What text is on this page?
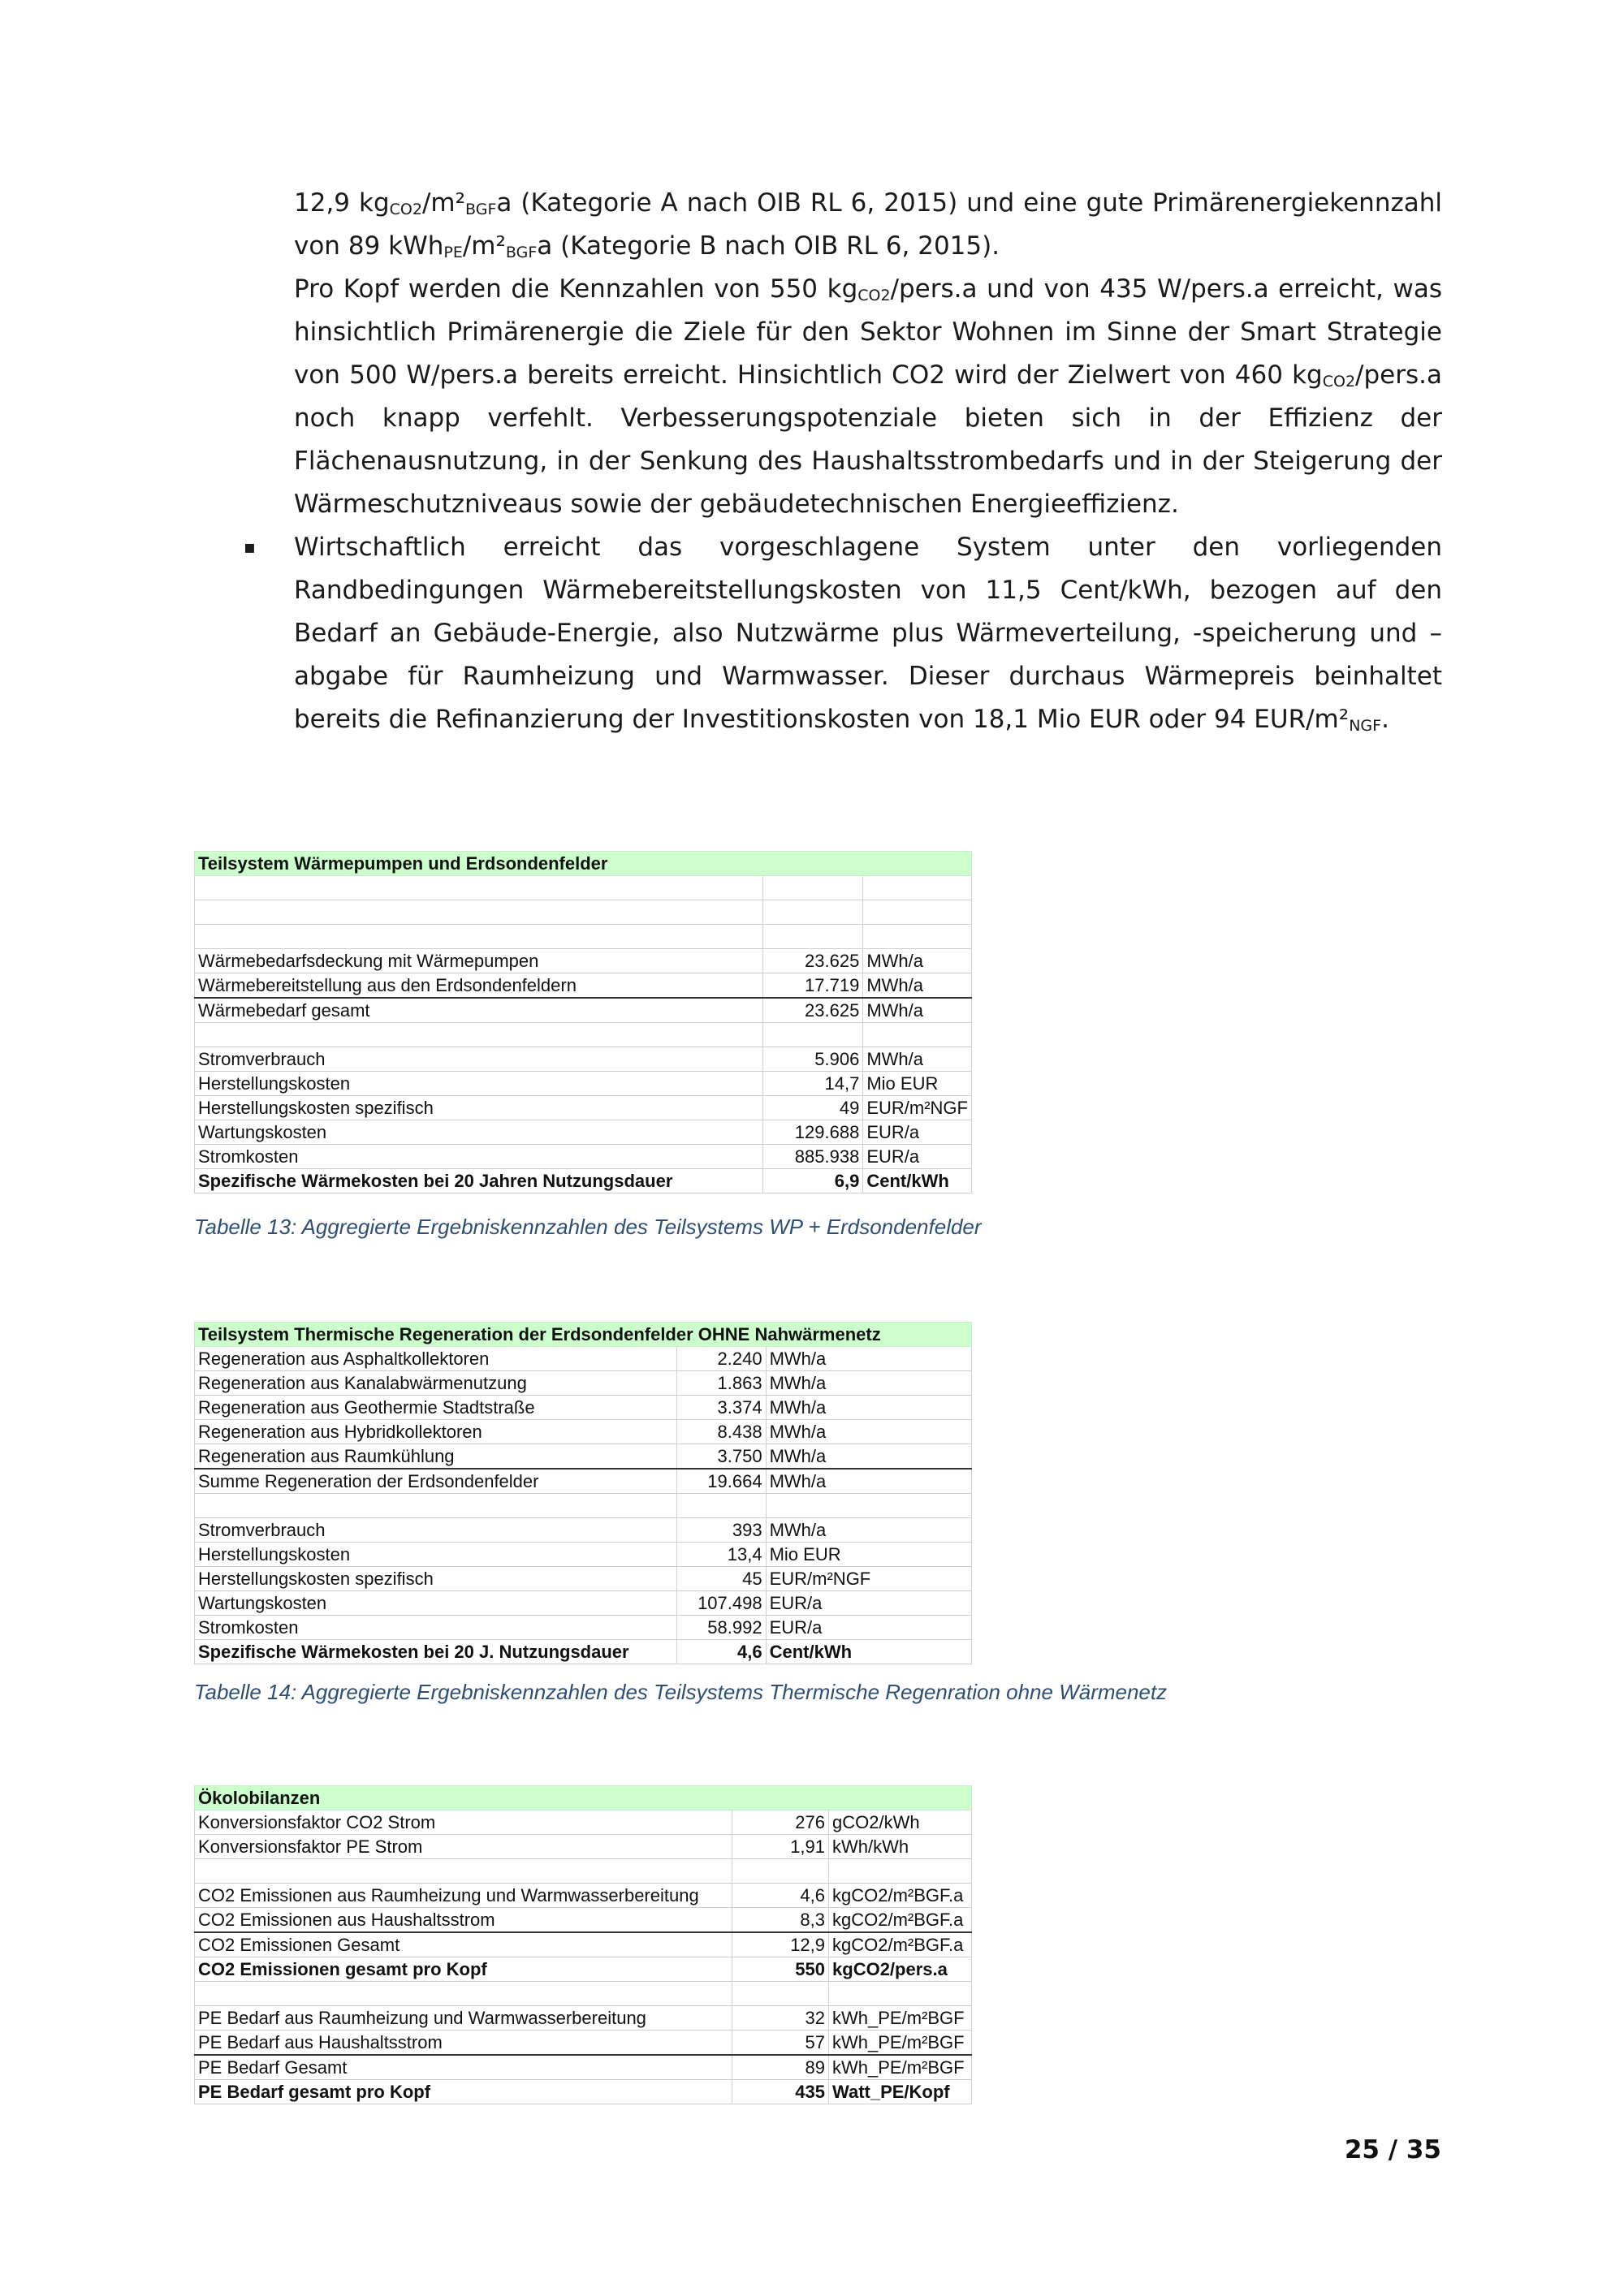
12,9 $kg_{CO2}/m^2_{BGF}a$ (Kategorie A nach OIB RL 6, 2015) und eine gute Primärenergiekennzahl von 89 $kWh_{PE}/m^2_{BGF}a$ (Kategorie B nach OIB RL 6, 2015).

Pro Kopf werden die Kennzahlen von 550 $kg_{CO2}/pers.a$ und von 435 W/pers.a erreicht, was hinsichtlich Primärenergie die Ziele für den Sektor Wohnen im Sinne der Smart Strategie von 500 W/pers.a bereits erreicht. Hinsichtlich CO2 wird der Zielwert von 460 $kg_{CO2}/pers.a$ noch knapp verfehlt. Verbesserungspotenziale bieten sich in der Effizienz der Flächenausnutzung, in der Senkung des Haushaltsstrombedarfs und in der Steigerung der Wärmeschutzniveaus sowie der gebäudetechnischen Energieeffizienz.

▪ Wirtschaftlich erreicht das vorgeschlagene System unter den vorliegenden Randbedingungen Wärmebereitstellungskosten von 11,5 Cent/kWh, bezogen auf den Bedarf an Gebäude-Energie, also Nutzwärme plus Wärmeverteilung, -speicherung und –abgabe für Raumheizung und Warmwasser. Dieser durchaus Wärmepreis beinhaltet bereits die Refinanzierung der Investitionskosten von 18,1 Mio EUR oder 94 EUR/$m^2_{NGF}$.

Teilsystem Wärmepumpen und Erdsondenfelder		

Wärmebedarfsdeckung mit Wärmepumpen	23.625	MWh/a
Wärmebereitstellung aus den Erdsondenfeldern	17.719	MWh/a
Wärmebedarf gesamt	23.625	MWh/a

Stromverbrauch	5.906	MWh/a
Herstellungskosten	14,7	Mio EUR
Herstellungskosten spezifisch	49	EUR/m²NGF
Wartungskosten	129.688	EUR/a
Stromkosten	885.938	EUR/a
Spezifische Wärmekosten bei 20 Jahren Nutzungsdauer	6,9	Cent/kWh
Tabelle 13: Aggregierte Ergebniskennzahlen des Teilsystems WP + Erdsondenfelder
Teilsystem Thermische Regeneration der Erdsondenfelder OHNE Nahwärmenetz		
Regeneration aus Asphaltkollektoren	2.240	MWh/a
Regeneration aus Kanalabwärmenutzung	1.863	MWh/a
Regeneration aus Geothermie Stadtstraße	3.374	MWh/a
Regeneration aus Hybridkollektoren	8.438	MWh/a
Regeneration aus Raumkühlung	3.750	MWh/a
Summe Regeneration der Erdsondenfelder	19.664	MWh/a

Stromverbrauch	393	MWh/a
Herstellungskosten	13,4	Mio EUR
Herstellungskosten spezifisch	45	EUR/m²NGF
Wartungskosten	107.498	EUR/a
Stromkosten	58.992	EUR/a
Spezifische Wärmekosten bei 20 J. Nutzungsdauer	4,6	Cent/kWh
Tabelle 14: Aggregierte Ergebniskennzahlen des Teilsystems Thermische Regenration ohne Wärmenetz
Ökolobilanzen		
Konversionsfaktor CO2 Strom	276	gCO2/kWh
Konversionsfaktor PE Strom	1,91	kWh/kWh

CO2 Emissionen aus Raumheizung und Warmwasserbereitung	4,6	kgCO2/m²BGF.a
CO2 Emissionen aus Haushaltsstrom	8,3	kgCO2/m²BGF.a
CO2 Emissionen Gesamt	12,9	kgCO2/m²BGF.a
CO2 Emissionen gesamt pro Kopf	550	kgCO2/pers.a

PE Bedarf aus Raumheizung und Warmwasserbereitung	32	kWh_PE/m²BGF
PE Bedarf aus Haushaltsstrom	57	kWh_PE/m²BGF
PE Bedarf Gesamt	89	kWh_PE/m²BGF
PE Bedarf gesamt pro Kopf	435	Watt_PE/Kopf
25 / 35
